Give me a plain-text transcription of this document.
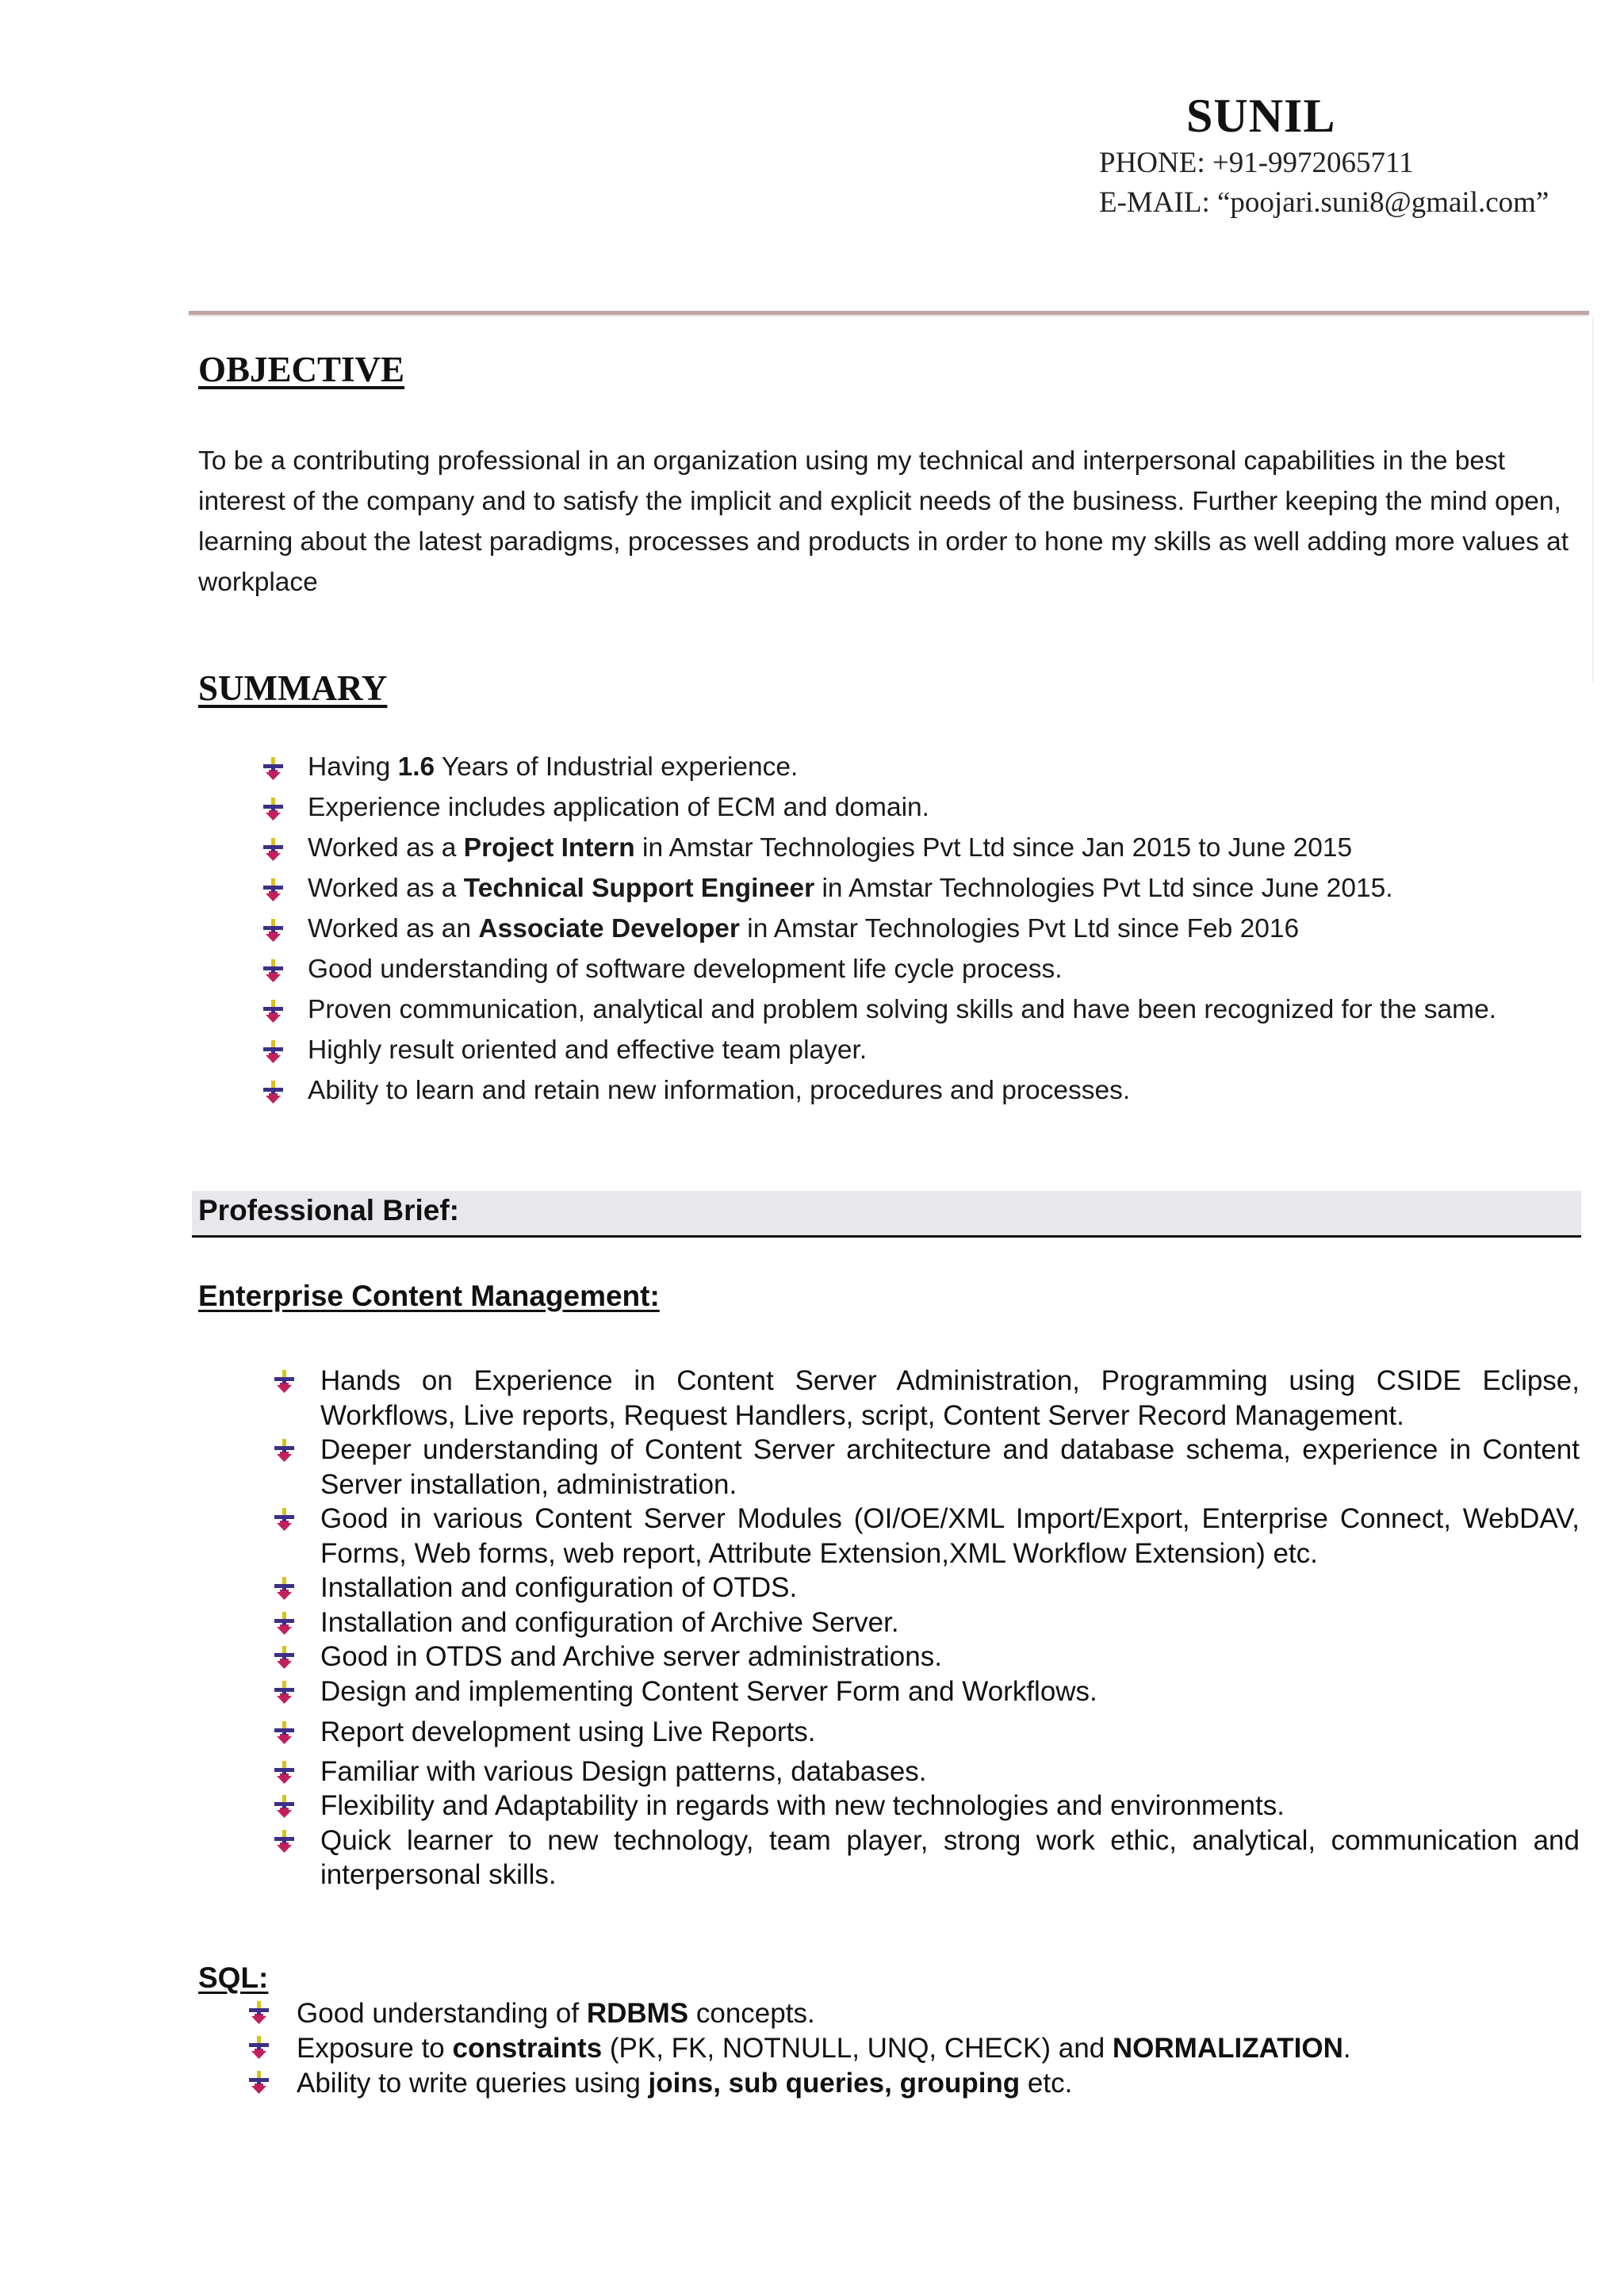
SUNIL
PHONE: +91-9972065711
E-MAIL: “poojari.suni8@gmail.com”
OBJECTIVE
To be a contributing professional in an organization using my technical and interpersonal capabilities in the best interest of the company and to satisfy the implicit and explicit needs of the business. Further keeping the mind open, learning about the latest paradigms, processes and products in order to hone my skills as well adding more values at workplace
SUMMARY
Having 1.6 Years of Industrial experience.
Experience includes application of ECM and domain.
Worked as a Project Intern in Amstar Technologies Pvt Ltd since Jan 2015 to June 2015
Worked as a Technical Support Engineer in Amstar Technologies Pvt Ltd since June 2015.
Worked as an Associate Developer in Amstar Technologies Pvt Ltd since Feb 2016
Good understanding of software development life cycle process.
Proven communication, analytical and problem solving skills and have been recognized for the same.
Highly result oriented and effective team player.
Ability to learn and retain new information, procedures and processes.
Professional Brief:
Enterprise Content Management:
Hands on Experience in Content Server Administration, Programming using CSIDE Eclipse, Workflows, Live reports, Request Handlers, script, Content Server Record Management.
Deeper understanding of Content Server architecture and database schema, experience in Content Server installation, administration.
Good in various Content Server Modules (OI/OE/XML Import/Export, Enterprise Connect, WebDAV, Forms, Web forms, web report, Attribute Extension,XML Workflow Extension) etc.
Installation and configuration of OTDS.
Installation and configuration of Archive Server.
Good in OTDS and Archive server administrations.
Design and implementing Content Server Form and Workflows.
Report development using Live Reports.
Familiar with various Design patterns, databases.
Flexibility and Adaptability in regards with new technologies and environments.
Quick learner to new technology, team player, strong work ethic, analytical, communication and interpersonal skills.
SQL:
Good understanding of RDBMS concepts.
Exposure to constraints (PK, FK, NOTNULL, UNQ, CHECK) and NORMALIZATION.
Ability to write queries using joins, sub queries, grouping etc.
